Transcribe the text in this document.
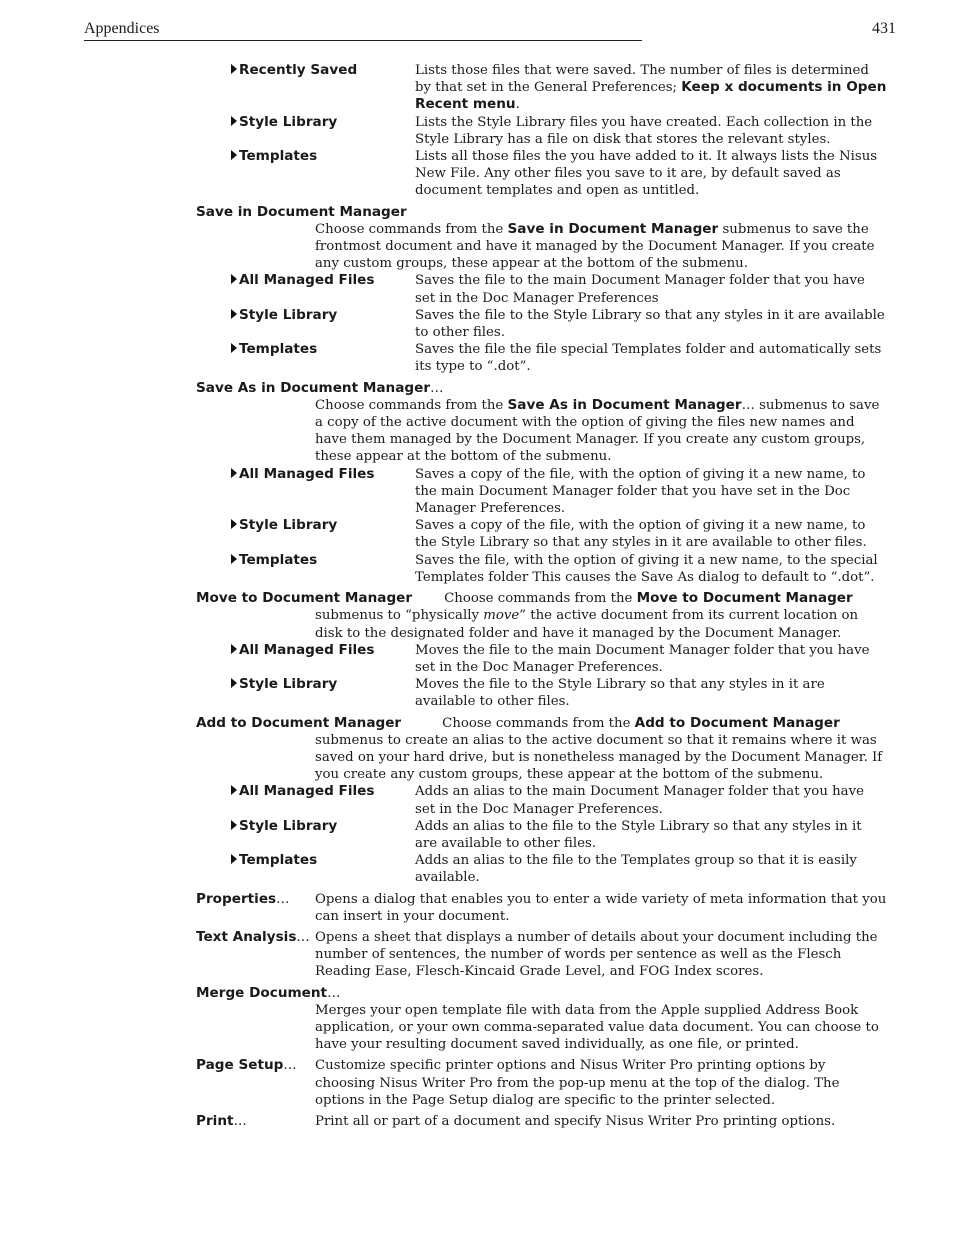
Appendices	431
Recently Saved	Lists those files that were saved. The number of files is determined by that set in the General Preferences; Keep x documents in Open Recent menu.
Style Library	Lists the Style Library files you have created. Each collection in the Style Library has a file on disk that stores the relevant styles.
Templates	Lists all those files the you have added to it. It always lists the Nisus New File. Any other files you save to it are, by default saved as document templates and open as untitled.
Save in Document Manager
Choose commands from the Save in Document Manager submenus to save the frontmost document and have it managed by the Document Manager. If you create any custom groups, these appear at the bottom of the submenu.
All Managed Files	Saves the file to the main Document Manager folder that you have set in the Doc Manager Preferences
Style Library	Saves the file to the Style Library so that any styles in it are available to other files.
Templates	Saves the file the file special Templates folder and automatically sets its type to “.dot”.
Save As in Document Manager…
Choose commands from the Save As in Document Manager… submenus to save a copy of the active document with the option of giving the files new names and have them managed by the Document Manager. If you create any custom groups, these appear at the bottom of the submenu.
All Managed Files	Saves a copy of the file, with the option of giving it a new name, to the main Document Manager folder that you have set in the Doc Manager Preferences.
Style Library	Saves a copy of the file, with the option of giving it a new name, to the Style Library so that any styles in it are available to other files.
Templates	Saves the file, with the option of giving it a new name, to the special Templates folder This causes the Save As dialog to default to “.dot”.
Move to Document Manager Choose commands from the Move to Document Manager
submenus to “physically move” the active document from its current location on disk to the designated folder and have it managed by the Document Manager.
All Managed Files	Moves the file to the main Document Manager folder that you have set in the Doc Manager Preferences.
Style Library	Moves the file to the Style Library so that any styles in it are available to other files.
Add to Document Manager	Choose commands from the Add to Document Manager
submenus to create an alias to the active document so that it remains where it was saved on your hard drive, but is nonetheless managed by the Document Manager. If you create any custom groups, these appear at the bottom of the submenu.
All Managed Files	Adds an alias to the main Document Manager folder that you have set in the Doc Manager Preferences.
Style Library	Adds an alias to the file to the Style Library so that any styles in it are available to other files.
Templates	Adds an alias to the file to the Templates group so that it is easily available.
Properties… Opens a dialog that enables you to enter a wide variety of meta information that you can insert in your document.
Text Analysis… Opens a sheet that displays a number of details about your document including the number of sentences, the number of words per sentence as well as the Flesch Reading Ease, Flesch-Kincaid Grade Level, and FOG Index scores.
Merge Document…
Merges your open template file with data from the Apple supplied Address Book application, or your own comma-separated value data document. You can choose to have your resulting document saved individually, as one file, or printed.
Page Setup… Customize specific printer options and Nisus Writer Pro printing options by choosing Nisus Writer Pro from the pop-up menu at the top of the dialog. The options in the Page Setup dialog are specific to the printer selected.
Print…	Print all or part of a document and specify Nisus Writer Pro printing options.
